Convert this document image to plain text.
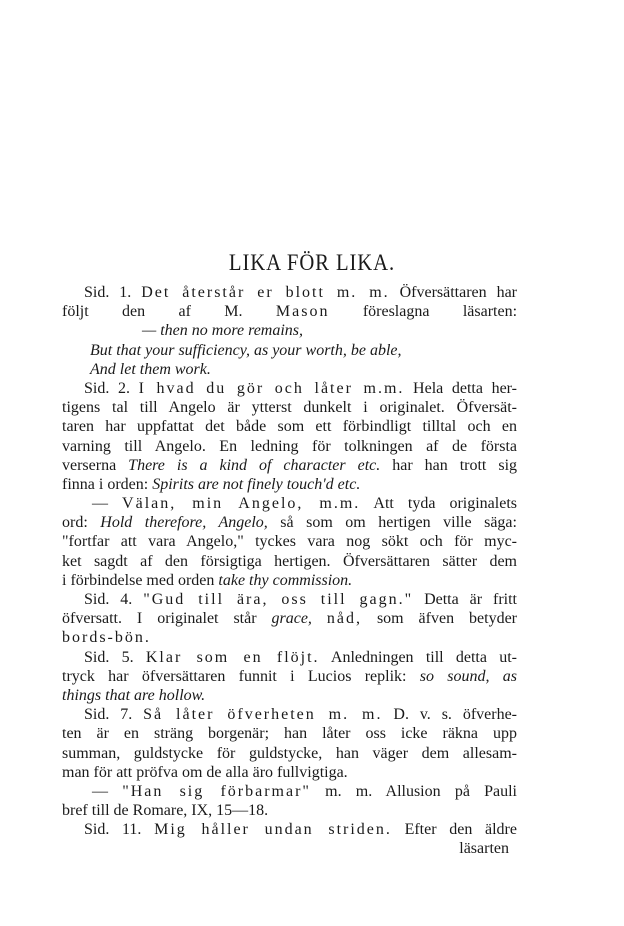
LIKA FÖR LIKA.
Sid. 1. Det återstår er blott m. m. Öfversättaren har
följt den af M. Mason föreslagna läsarten:
— then no more remains,
But that your sufficiency, as your worth, be able,
And let them work.
Sid. 2. I hvad du gör och låter m.m. Hela detta her-
tigens tal till Angelo är ytterst dunkelt i originalet. Öfversät-
taren har uppfattat det både som ett förbindligt tilltal och en
varning till Angelo. En ledning för tolkningen af de första
verserna There is a kind of character etc. har han trott sig
finna i orden: Spirits are not finely touch'd etc.
— Välan, min Angelo, m.m. Att tyda originalets
ord: Hold therefore, Angelo, så som om hertigen ville säga:
"fortfar att vara Angelo," tyckes vara nog sökt och för myc-
ket sagdt af den försigtiga hertigen. Öfversättaren sätter dem
i förbindelse med orden take thy commission.
Sid. 4. "Gud till ära, oss till gagn." Detta är fritt
öfversatt. I originalet står grace, nåd, som äfven betyder
bords-bön.
Sid. 5. Klar som en flöjt. Anledningen till detta ut-
tryck har öfversättaren funnit i Lucios replik: so sound, as
things that are hollow.
Sid. 7. Så låter öfverheten m. m. D. v. s. öfverhe-
ten är en sträng borgenär; han låter oss icke räkna upp
summan, guldstycke för guldstycke, han väger dem allesam-
man för att pröfva om de alla äro fullvigtiga.
— "Han sig förbarmar" m. m. Allusion på Pauli
bref till de Romare, IX, 15—18.
Sid. 11. Mig håller undan striden. Efter den äldre
läsarten
